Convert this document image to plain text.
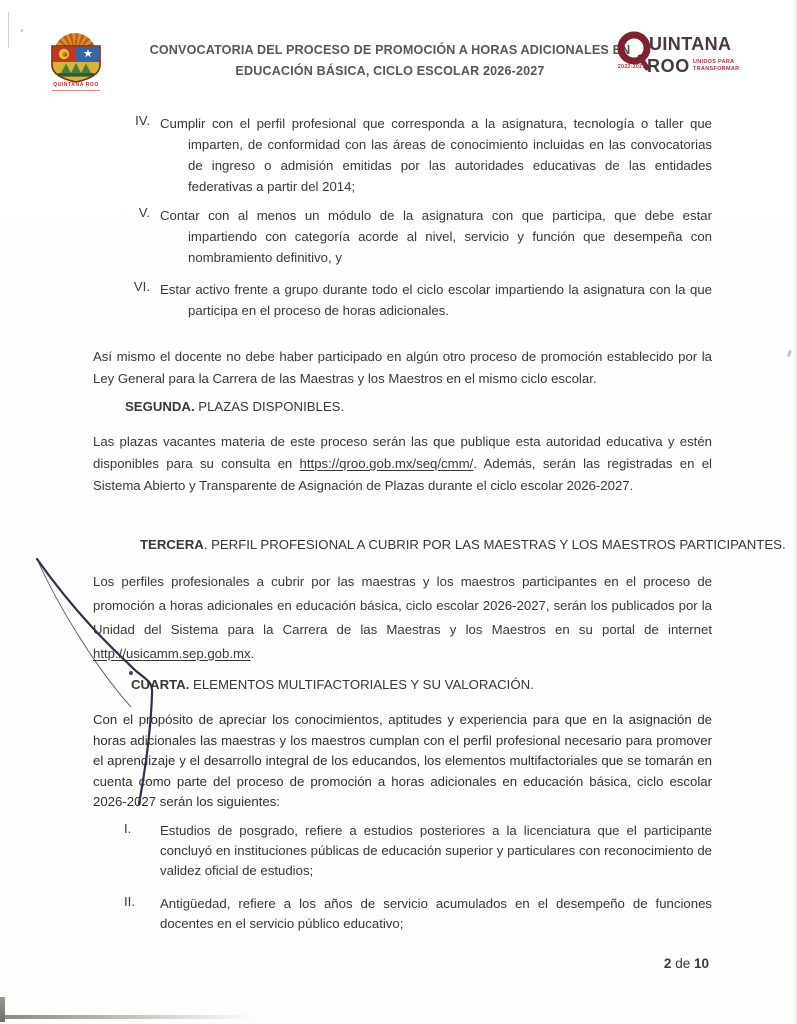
QUINTANA ROO
CONVOCATORIA DEL PROCESO DE PROMOCIÓN A HORAS ADICIONALES EN
EDUCACIÓN BÁSICA, CICLO ESCOLAR 2026-2027
UINTANA
ROO UNIDOS PARA
TRANSFORMAR
2022-2027
IV. Cumplir con el perfil profesional que corresponda a la asignatura, tecnología o taller que imparten, de conformidad con las áreas de conocimiento incluidas en las convocatorias de ingreso o admisión emitidas por las autoridades educativas de las entidades federativas a partir del 2014;

V. Contar con al menos un módulo de la asignatura con que participa, que debe estar impartiendo con categoría acorde al nivel, servicio y función que desempeña con nombramiento definitivo, y

VI. Estar activo frente a grupo durante todo el ciclo escolar impartiendo la asignatura con la que participa en el proceso de horas adicionales.

Así mismo el docente no debe haber participado en algún otro proceso de promoción establecido por la Ley General para la Carrera de las Maestras y los Maestros en el mismo ciclo escolar.

SEGUNDA. PLAZAS DISPONIBLES.

Las plazas vacantes materia de este proceso serán las que publique esta autoridad educativa y estén disponibles para su consulta en https://qroo.gob.mx/seq/cmm/. Además, serán las registradas en el Sistema Abierto y Transparente de Asignación de Plazas durante el ciclo escolar 2026-2027.

TERCERA. PERFIL PROFESIONAL A CUBRIR POR LAS MAESTRAS Y LOS MAESTROS PARTICIPANTES.

Los perfiles profesionales a cubrir por las maestras y los maestros participantes en el proceso de promoción a horas adicionales en educación básica, ciclo escolar 2026-2027, serán los publicados por la Unidad del Sistema para la Carrera de las Maestras y los Maestros en su portal de internet http://usicamm.sep.gob.mx.

CUARTA. ELEMENTOS MULTIFACTORIALES Y SU VALORACIÓN.

Con el propósito de apreciar los conocimientos, aptitudes y experiencia para que en la asignación de horas adicionales las maestras y los maestros cumplan con el perfil profesional necesario para promover el aprendizaje y el desarrollo integral de los educandos, los elementos multifactoriales que se tomarán en cuenta como parte del proceso de promoción a horas adicionales en educación básica, ciclo escolar 2026-2027 serán los siguientes:

I.	Estudios de posgrado, refiere a estudios posteriores a la licenciatura que el participante concluyó en instituciones públicas de educación superior y particulares con reconocimiento de validez oficial de estudios;

II.	Antigüedad, refiere a los años de servicio acumulados en el desempeño de funciones docentes en el servicio público educativo;

2 de 10
